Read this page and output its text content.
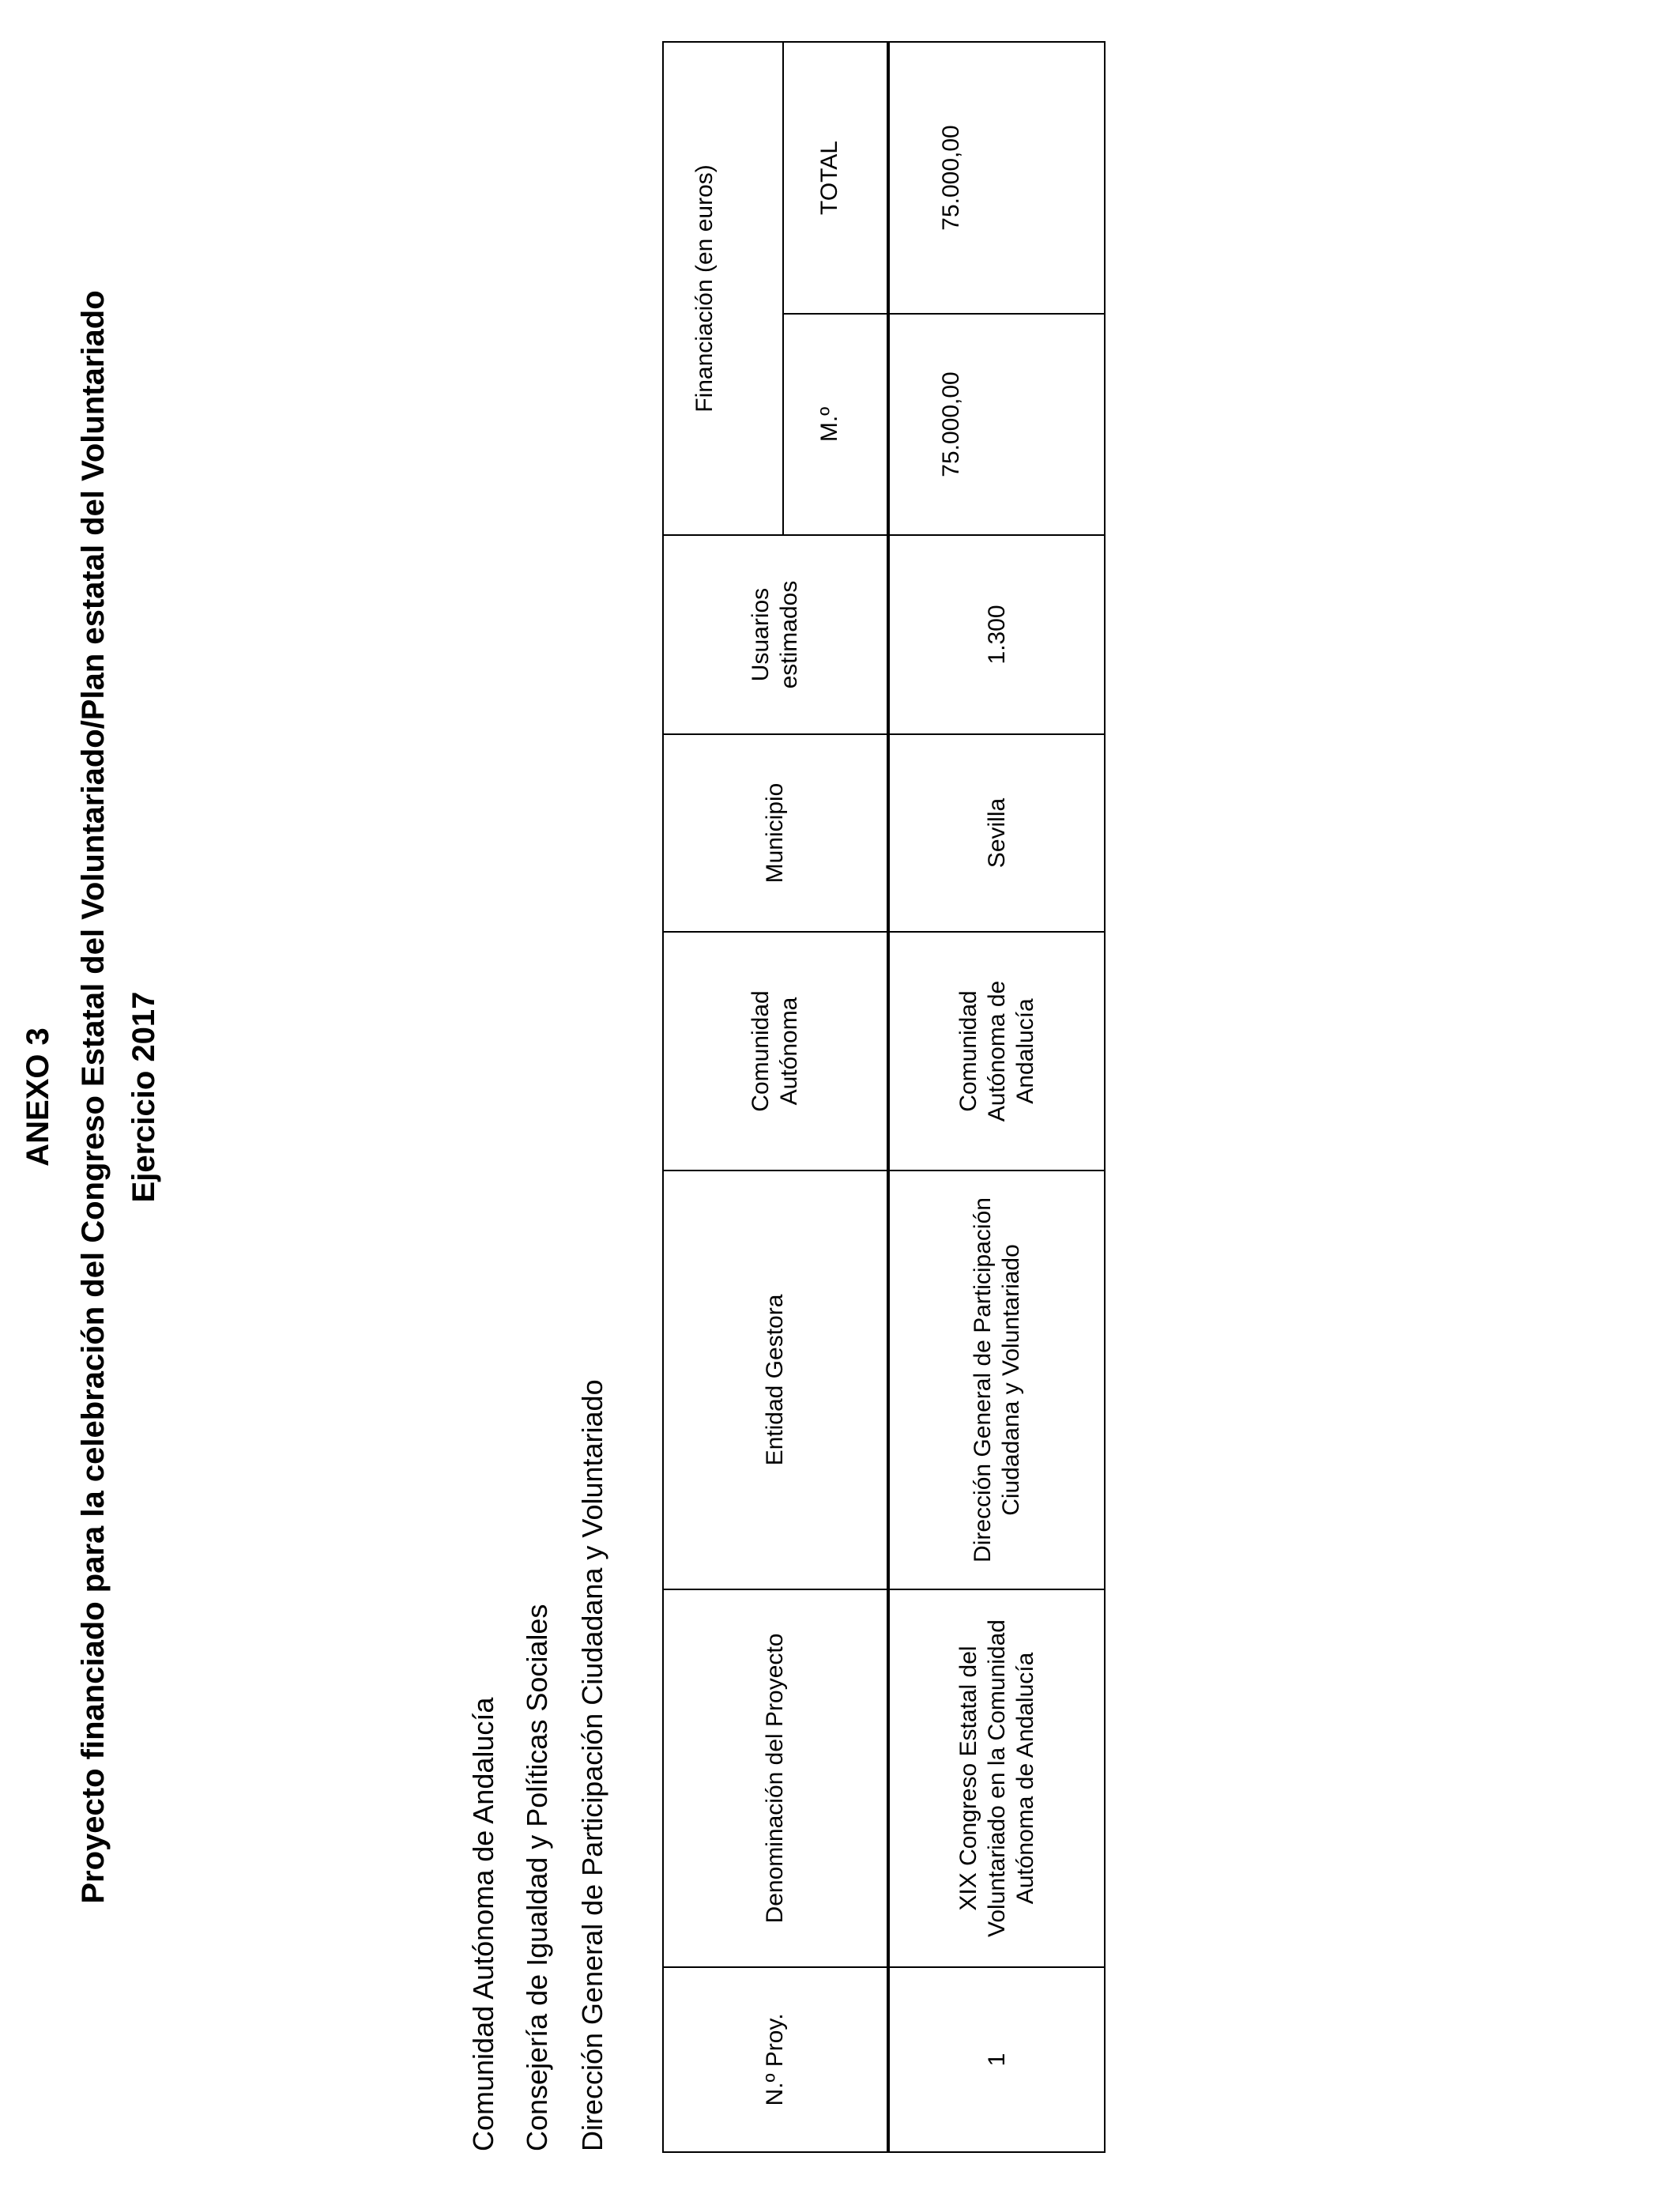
ANEXO 3 Proyecto financiado para la celebración del Congreso Estatal del Voluntariado/Plan estatal del Voluntariado Ejercicio 2017
Comunidad Autónoma de Andalucía Consejería de Igualdad y Políticas Sociales Dirección General de Participación Ciudadana y Voluntariado	N.º Proy.	Denominación del Proyecto	Entidad Gestora	Comunidad Autónoma	Municipio	Usuarios estimados	Financiación (en euros)	
						M.º	TOTAL
1	XIX Congreso Estatal del Voluntariado en la Comunidad Autónoma de Andalucía	Dirección General de Participación Ciudadana y Voluntariado	Comunidad Autónoma de Andalucía	Sevilla	1.300	75.000,00	75.000,00
